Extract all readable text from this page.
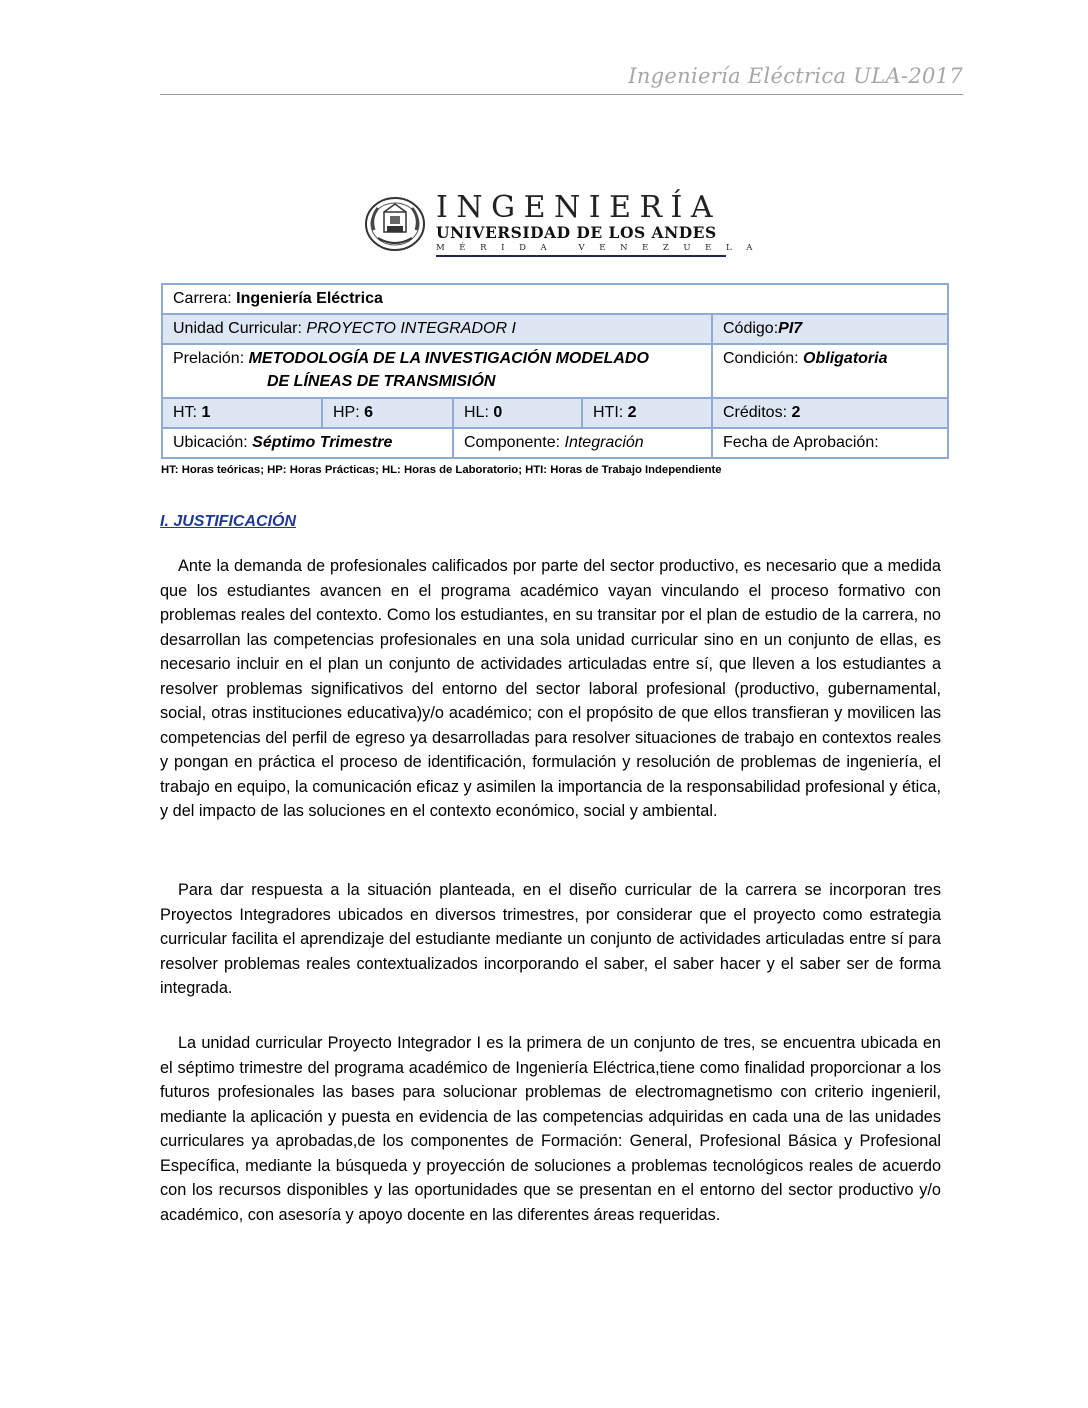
Ingeniería Eléctrica ULA-2017
INGENIERÍA
UNIVERSIDAD DE LOS ANDES
MÉRIDA VENEZUELA
Carrera: Ingeniería Eléctrica				
Unidad Curricular: PROYECTO INTEGRADOR I				Código:PI7
Prelación: METODOLOGÍA DE LA INVESTIGACIÓN MODELADO
DE LÍNEAS DE TRANSMISIÓN				Condición: Obligatoria
HT: 1	HP: 6	HL: 0	HTI: 2	Créditos: 2
Ubicación: Séptimo Trimestre		Componente: Integración		Fecha de Aprobación:
HT: Horas teóricas; HP: Horas Prácticas; HL: Horas de Laboratorio; HTI: Horas de Trabajo Independiente
I. JUSTIFICACIÓN

Ante la demanda de profesionales calificados por parte del sector productivo, es necesario que a medida que los estudiantes avancen en el programa académico vayan vinculando el proceso formativo con problemas reales del contexto. Como los estudiantes, en su transitar por el plan de estudio de la carrera, no desarrollan las competencias profesionales en una sola unidad curricular sino en un conjunto de ellas, es necesario incluir en el plan un conjunto de actividades articuladas entre sí, que lleven a los estudiantes a resolver problemas significativos del entorno del sector laboral profesional (productivo, gubernamental, social, otras instituciones educativa)y/o académico; con el propósito de que ellos transfieran y movilicen las competencias del perfil de egreso ya desarrolladas para resolver situaciones de trabajo en contextos reales y pongan en práctica el proceso de identificación, formulación y resolución de problemas de ingeniería, el trabajo en equipo, la comunicación eficaz y asimilen la importancia de la responsabilidad profesional y ética, y del impacto de las soluciones en el contexto económico, social y ambiental.

Para dar respuesta a la situación planteada, en el diseño curricular de la carrera se incorporan tres Proyectos Integradores ubicados en diversos trimestres, por considerar que el proyecto como estrategia curricular facilita el aprendizaje del estudiante mediante un conjunto de actividades articuladas entre sí para resolver problemas reales contextualizados incorporando el saber, el saber hacer y el saber ser de forma integrada.

La unidad curricular Proyecto Integrador I es la primera de un conjunto de tres, se encuentra ubicada en el séptimo trimestre del programa académico de Ingeniería Eléctrica,tiene como finalidad proporcionar a los futuros profesionales las bases para solucionar problemas de electromagnetismo con criterio ingenieril, mediante la aplicación y puesta en evidencia de las competencias adquiridas en cada una de las unidades curriculares ya aprobadas,de los componentes de Formación: General, Profesional Básica y Profesional Específica, mediante la búsqueda y proyección de soluciones a problemas tecnológicos reales de acuerdo con los recursos disponibles y las oportunidades que se presentan en el entorno del sector productivo y/o académico, con asesoría y apoyo docente en las diferentes áreas requeridas.
